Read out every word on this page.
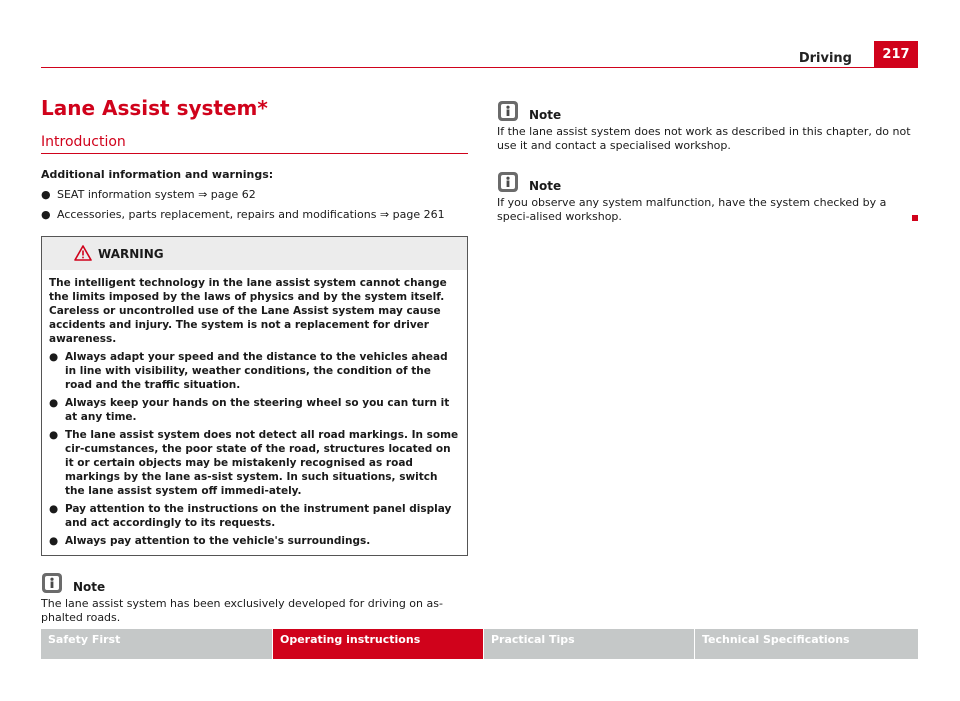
217
Driving
Lane Assist system*
Introduction
Additional information and warnings:
● SEAT information system ⇒ page 62
● Accessories, parts replacement, repairs and modifications ⇒ page 261
WARNING

The intelligent technology in the lane assist system cannot change the limits imposed by the laws of physics and by the system itself. Careless or uncontrolled use of the Lane Assist system may cause accidents and injury. The system is not a replacement for driver awareness.

● Always adapt your speed and the distance to the vehicles ahead in line with visibility, weather conditions, the condition of the road and the traffic situation.
● Always keep your hands on the steering wheel so you can turn it at any time.
● The lane assist system does not detect all road markings. In some cir-cumstances, the poor state of the road, structures located on it or certain objects may be mistakenly recognised as road markings by the lane as-sist system. In such situations, switch the lane assist system off immedi-ately.
● Pay attention to the instructions on the instrument panel display and act accordingly to its requests.
● Always pay attention to the vehicle's surroundings.
Note
The lane assist system has been exclusively developed for driving on as-phalted roads.
Note
If the lane assist system does not work as described in this chapter, do not use it and contact a specialised workshop.
Note
If you observe any system malfunction, have the system checked by a speci-alised workshop.
Safety First	Operating instructions	Practical Tips	Technical Specifications
